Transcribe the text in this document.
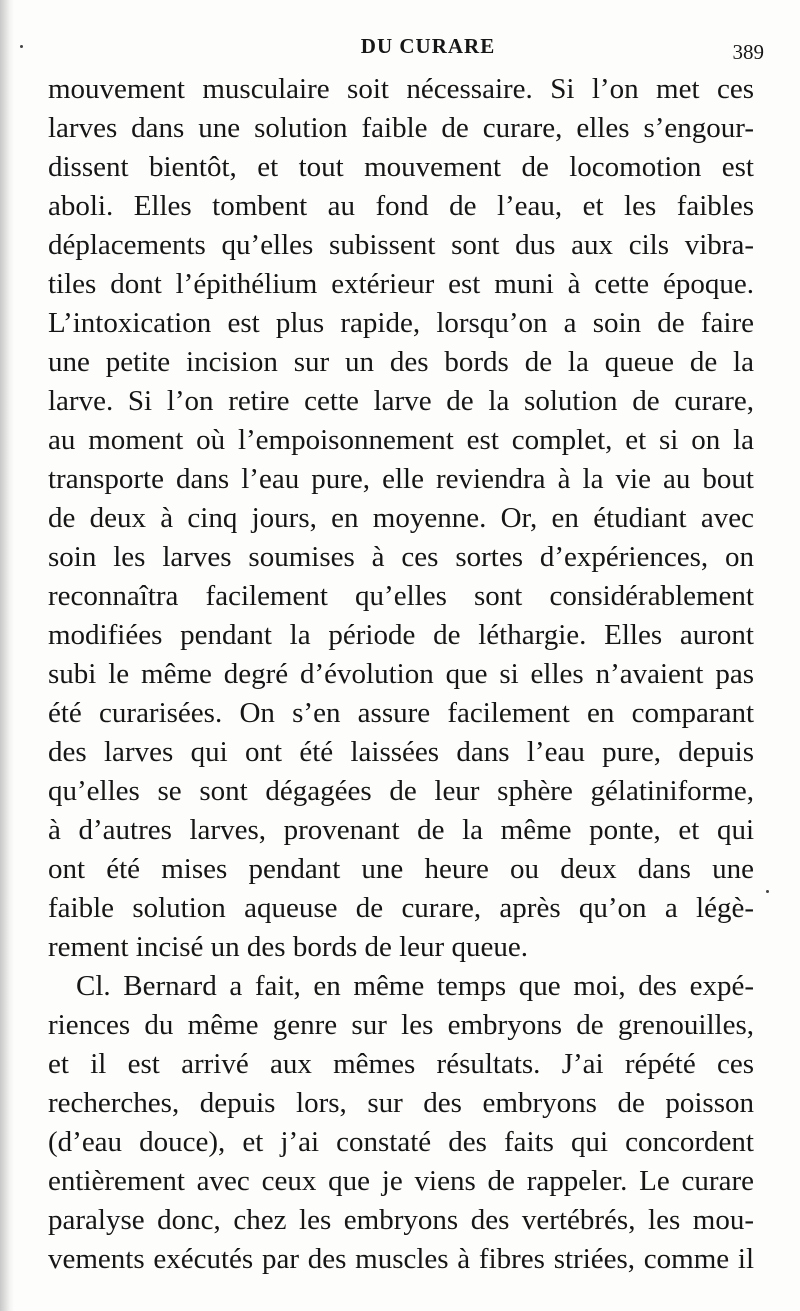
DU CURARE	389
mouvement musculaire soit nécessaire. Si l’on met ces
larves dans une solution faible de curare, elles s’engour-
dissent bientôt, et tout mouvement de locomotion est
aboli. Elles tombent au fond de l’eau, et les faibles
déplacements qu’elles subissent sont dus aux cils vibra-
tiles dont l’épithélium extérieur est muni à cette époque.
L’intoxication est plus rapide, lorsqu’on a soin de faire
une petite incision sur un des bords de la queue de la
larve. Si l’on retire cette larve de la solution de curare,
au moment où l’empoisonnement est complet, et si on la
transporte dans l’eau pure, elle reviendra à la vie au bout
de deux à cinq jours, en moyenne. Or, en étudiant avec
soin les larves soumises à ces sortes d’expériences, on
reconnaîtra facilement qu’elles sont considérablement
modifiées pendant la période de léthargie. Elles auront
subi le même degré d’évolution que si elles n’avaient pas
été curarisées. On s’en assure facilement en comparant
des larves qui ont été laissées dans l’eau pure, depuis
qu’elles se sont dégagées de leur sphère gélatiniforme,
à d’autres larves, provenant de la même ponte, et qui
ont été mises pendant une heure ou deux dans une
faible solution aqueuse de curare, après qu’on a légè-
rement incisé un des bords de leur queue.
Cl. Bernard a fait, en même temps que moi, des expé-
riences du même genre sur les embryons de grenouilles,
et il est arrivé aux mêmes résultats. J’ai répété ces
recherches, depuis lors, sur des embryons de poisson
(d’eau douce), et j’ai constaté des faits qui concordent
entièrement avec ceux que je viens de rappeler. Le curare
paralyse donc, chez les embryons des vertébrés, les mou-
vements exécutés par des muscles à fibres striées, comme il
